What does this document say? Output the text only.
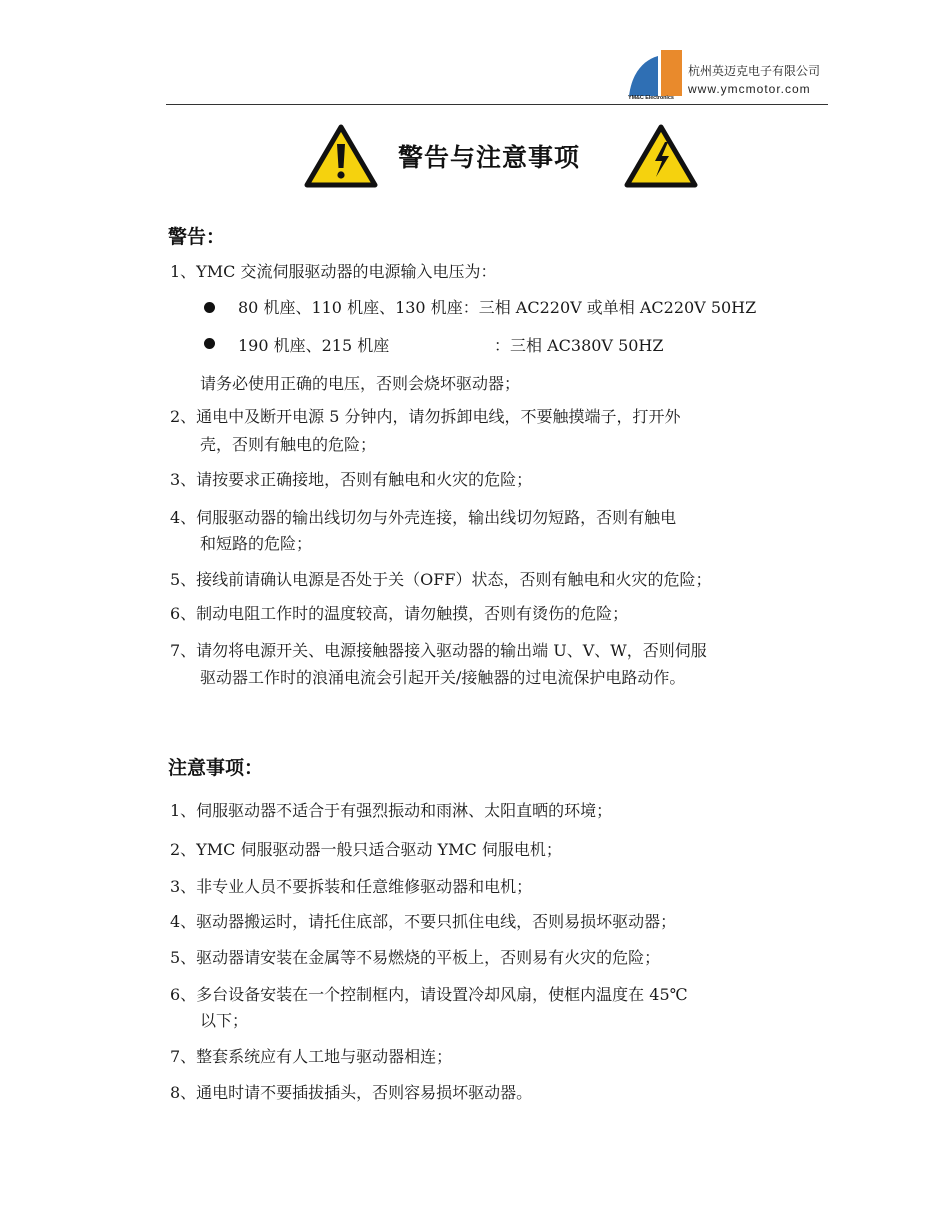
YM&C Electronics
杭州英迈克电子有限公司
www.ymcmotor.com
警告与注意事项
警告：
1、YMC 交流伺服驱动器的电源输入电压为：
80 机座、110 机座、130 机座：三相 AC220V 或单相 AC220V 50HZ
190 机座、215 机座	：三相 AC380V 50HZ
请务必使用正确的电压，否则会烧坏驱动器；
2、通电中及断开电源 5 分钟内，请勿拆卸电线，不要触摸端子，打开外
壳，否则有触电的危险；
3、请按要求正确接地，否则有触电和火灾的危险；
4、伺服驱动器的输出线切勿与外壳连接，输出线切勿短路，否则有触电
和短路的危险；
5、接线前请确认电源是否处于关（OFF）状态，否则有触电和火灾的危险；
6、制动电阻工作时的温度较高，请勿触摸，否则有烫伤的危险；
7、请勿将电源开关、电源接触器接入驱动器的输出端 U、V、W，否则伺服
驱动器工作时的浪涌电流会引起开关/接触器的过电流保护电路动作。
注意事项：
1、伺服驱动器不适合于有强烈振动和雨淋、太阳直晒的环境；
2、YMC 伺服驱动器一般只适合驱动 YMC 伺服电机；
3、非专业人员不要拆装和任意维修驱动器和电机；
4、驱动器搬运时，请托住底部，不要只抓住电线，否则易损坏驱动器；
5、驱动器请安装在金属等不易燃烧的平板上，否则易有火灾的危险；
6、多台设备安装在一个控制框内，请设置冷却风扇，使框内温度在 45℃
以下；
7、整套系统应有人工地与驱动器相连；
8、通电时请不要插拔插头，否则容易损坏驱动器。
